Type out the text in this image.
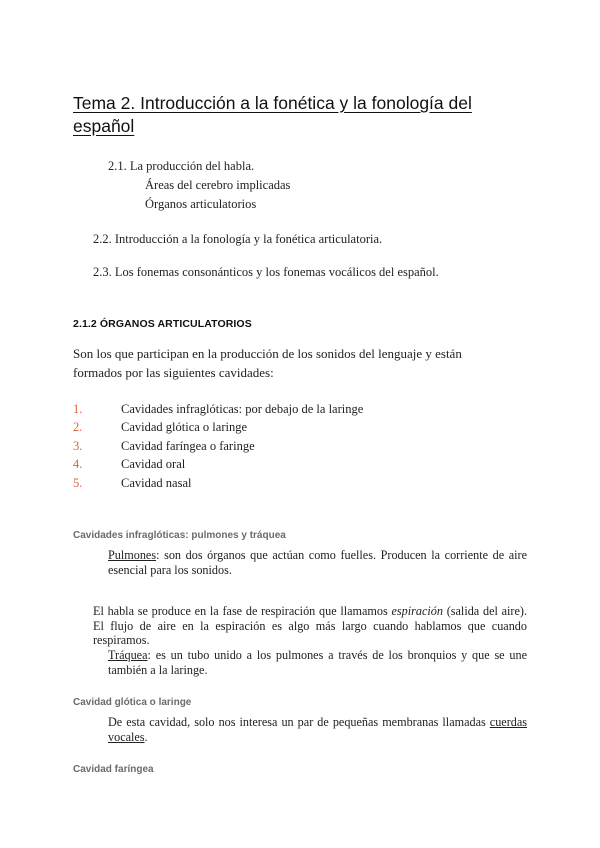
Tema 2. Introducción a la fonética y la fonología del español
2.1. La producción del habla.
Áreas del cerebro implicadas
Órganos articulatorios
2.2. Introducción a la fonología y la fonética articulatoria.
2.3. Los fonemas consonánticos y los fonemas vocálicos del español.
2.1.2 ÓRGANOS ARTICULATORIOS
Son los que participan en la producción de los sonidos del lenguaje y están formados por las siguientes cavidades:
1.	Cavidades infraglóticas: por debajo de la laringe
2.	Cavidad glótica o laringe
3.	Cavidad faríngea o faringe
4.	Cavidad oral
5.	Cavidad nasal
Cavidades infraglóticas: pulmones y tráquea
Pulmones: son dos órganos que actúan como fuelles. Producen la corriente de aire esencial para los sonidos.
El habla se produce en la fase de respiración que llamamos espiración (salida del aire). El flujo de aire en la espiración es algo más largo cuando hablamos que cuando respiramos.
Tráquea: es un tubo unido a los pulmones a través de los bronquios y que se une también a la laringe.
Cavidad glótica o laringe
De esta cavidad, solo nos interesa un par de pequeñas membranas llamadas cuerdas vocales.
Cavidad faríngea
